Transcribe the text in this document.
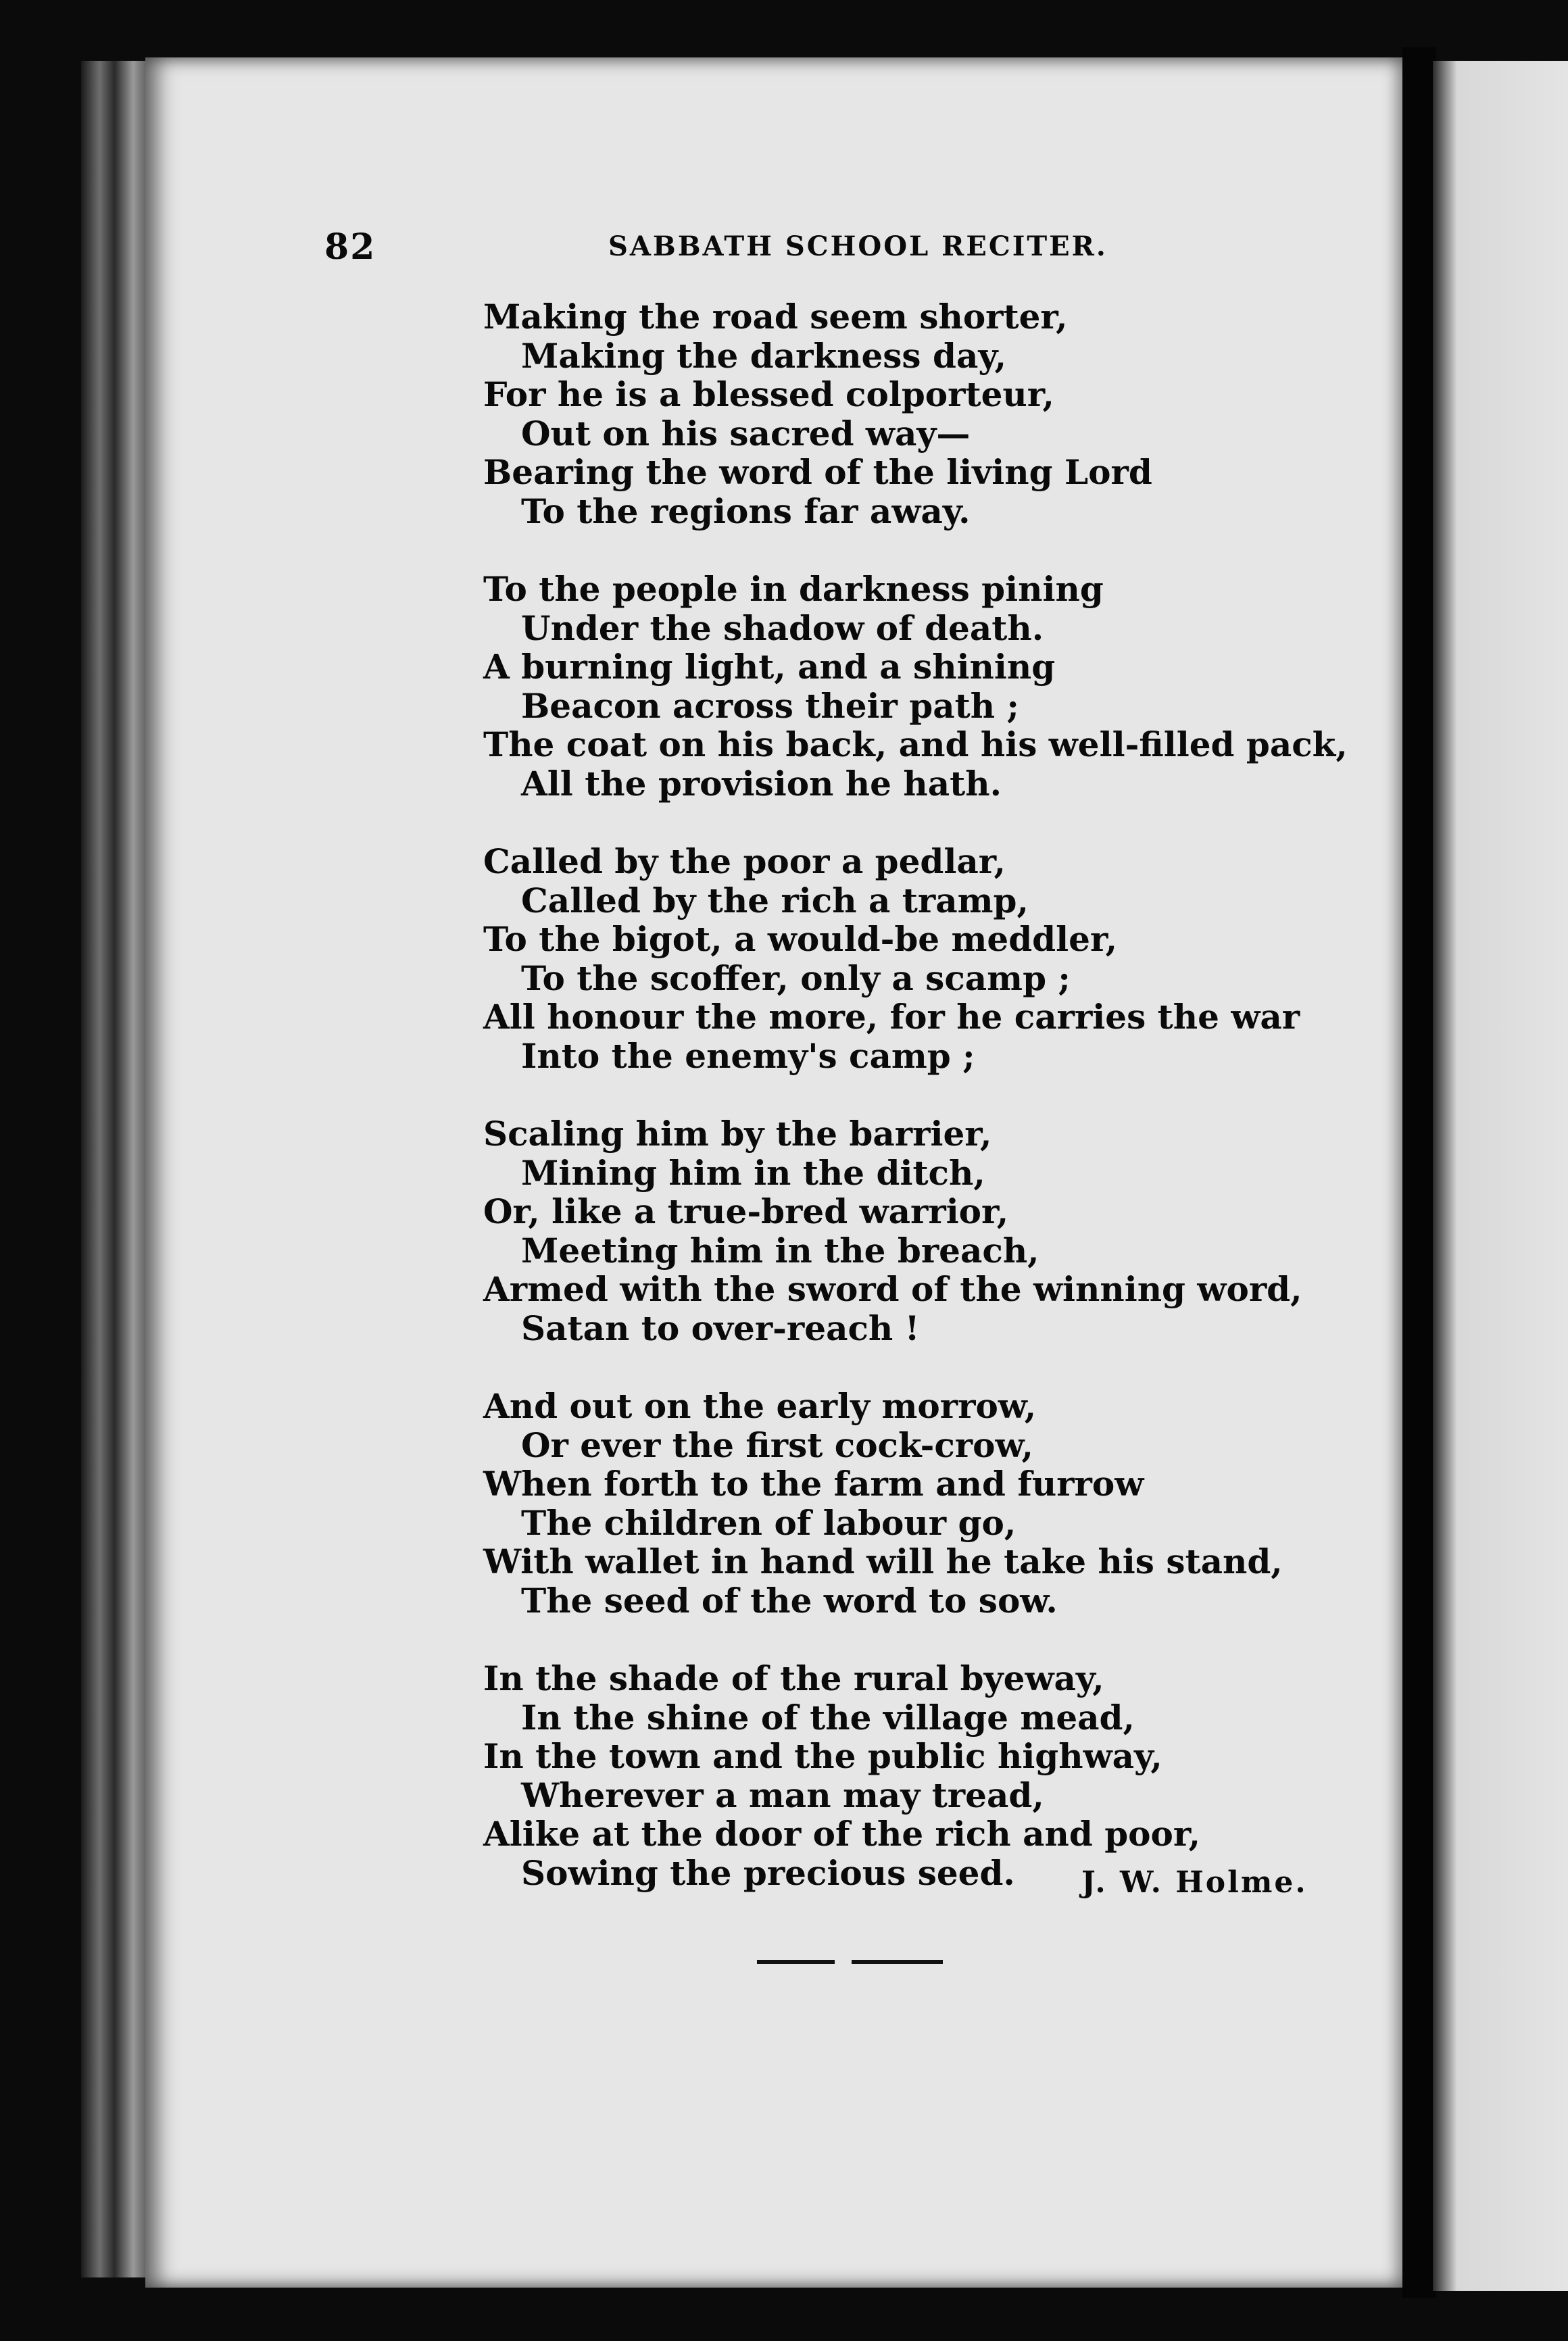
82	SABBATH SCHOOL RECITER.
Making the road seem shorter,
Making the darkness day,
For he is a blessed colporteur,
Out on his sacred way—
Bearing the word of the living Lord
To the regions far away.
To the people in darkness pining
Under the shadow of death.
A burning light, and a shining
Beacon across their path ;
The coat on his back, and his well-filled pack,
All the provision he hath.
Called by the poor a pedlar,
Called by the rich a tramp,
To the bigot, a would-be meddler,
To the scoffer, only a scamp ;
All honour the more, for he carries the war
Into the enemy's camp ;
Scaling him by the barrier,
Mining him in the ditch,
Or, like a true-bred warrior,
Meeting him in the breach,
Armed with the sword of the winning word,
Satan to over-reach !
And out on the early morrow,
Or ever the first cock-crow,
When forth to the farm and furrow
The children of labour go,
With wallet in hand will he take his stand,
The seed of the word to sow.
In the shade of the rural byeway,
In the shine of the village mead,
In the town and the public highway,
Wherever a man may tread,
Alike at the door of the rich and poor,
Sowing the precious seed.	J. W. Holme.
